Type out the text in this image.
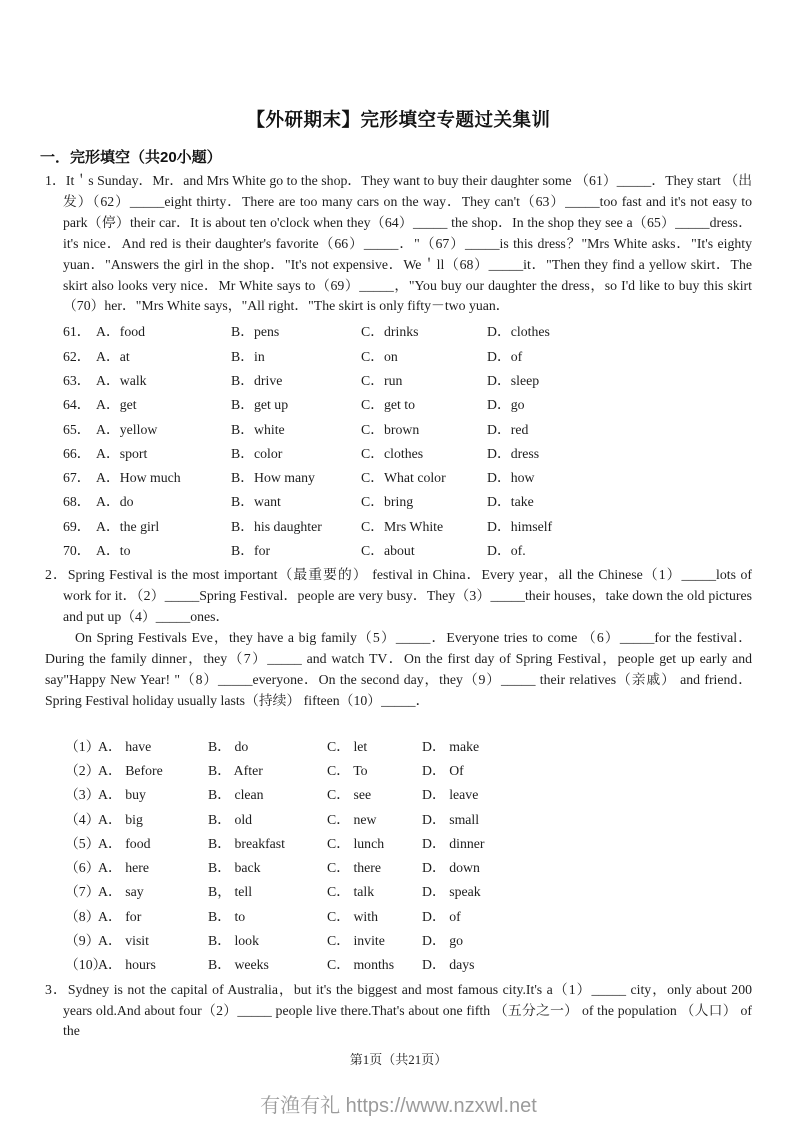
【外研期末】完形填空专题过关集训
一．完形填空（共20小题）

1．It＇s Sunday．Mr．and Mrs White go to the shop．They want to buy their daughter some （61）_____．They start （出发）（62）_____eight thirty．There are too many cars on the way．They can't（63）_____too fast and it's not easy to park（停）their car．It is about ten o'clock when they（64）_____ the shop．In the shop they see a（65）_____dress．it's nice．And red is their daughter's favorite（66）_____．"（67）_____is this dress？"Mrs White asks．"It's eighty yuan．"Answers the girl in the shop．"It's not expensive．We＇ll（68）_____it．"Then they find a yellow skirt．The skirt also looks very nice．Mr White says to（69）_____，"You buy our daughter the dress，so I'd like to buy this skirt（70）her．"Mrs White says，"All right．"The skirt is only fifty－two yuan．

61． A．food	B．pens	C．drinks	D．clothes
62． A．at	B．in	C．on	D．of
63． A．walk	B．drive	C．run	D．sleep
64． A．get	B．get up	C．get to	D．go
65． A．yellow	B．white	C．brown	D．red
66． A．sport	B．color	C．clothes	D．dress
67． A．How much	B．How many	C．What color	D．how
68． A．do	B．want	C．bring	D．take
69． A．the girl	B．his daughter	C．Mrs White	D．himself
70． A．to	B．for	C．about	D．of.

2．Spring Festival is the most important（最重要的） festival in China．Every year，all the Chinese（1）_____lots of work for it．（2）_____Spring Festival．people are very busy．They（3）_____their houses，take down the old pictures and put up（4）_____ones．

On Spring Festivals Eve，they have a big family（5）_____．Everyone tries to come （6）_____for the festival．During the family dinner，they（7）_____ and watch TV．On the first day of Spring Festival，people get up early and say"Happy New Year! "（8）_____everyone．On the second day，they（9）_____ their relatives（亲戚） and friend．Spring Festival holiday usually lasts（持续） fifteen（10）_____．

（1）
A． have	B． do	C． let	D． make
（2）
A． Before	B． After	C． To	D． Of
（3）
A． buy	B． clean	C． see	D． leave
（4）
A． big	B． old	C． new	D． small
（5）
A． food	B． breakfast	C． lunch	D． dinner
（6）
A． here	B． back	C． there	D． down
（7）
A． say	B， tell	C． talk	D． speak
（8）
A． for	B． to	C． with	D． of
（9）
A． visit	B． look	C． invite	D． go
（10）
A． hours	B． weeks	C． months	D． days

3．Sydney is not the capital of Australia，but it's the biggest and most famous city.It's a（1）_____ city，only about 200 years old.And about four（2）_____ people live there.That's about one fifth （五分之一） of the population （人口） of the

第1页（共21页）
有渔有礼 https://www.nzxwl.net
